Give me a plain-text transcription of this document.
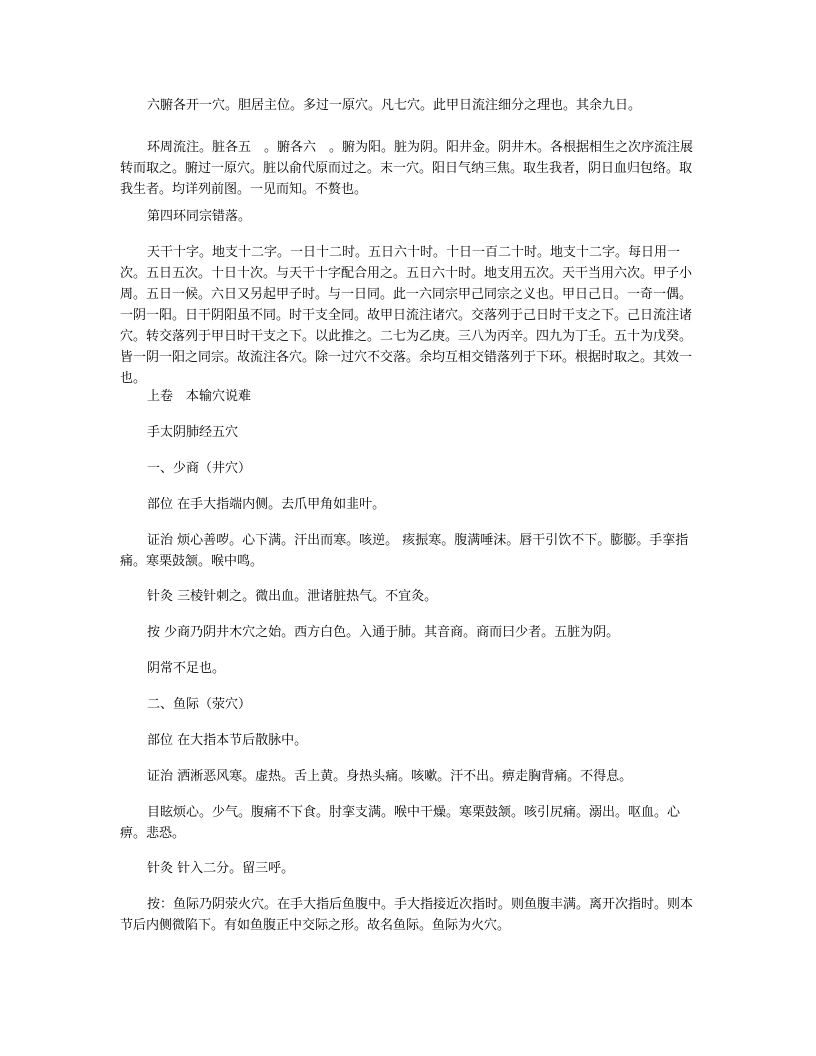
六腑各开一穴。胆居主位。多过一原穴。凡七穴。此甲日流注细分之理也。其余九日。

环周流注。脏各五　。腑各六　。腑为阳。脏为阴。阳井金。阴井木。各根据相生之次序流注展转而取之。腑过一原穴。脏以俞代原而过之。末一穴。阳日气纳三焦。取生我者，阴日血归包络。取我生者。均详列前图。一见而知。不赘也。

第四环同宗错落。

天干十字。地支十二字。一日十二时。五日六十时。十日一百二十时。地支十二字。每日用一次。五日五次。十日十次。与天干十字配合用之。五日六十时。地支用五次。天干当用六次。甲子小周。五日一候。六日又另起甲子时。与一日同。此一六同宗甲己同宗之义也。甲日己日。一奇一偶。一阴一阳。日干阴阳虽不同。时干支全同。故甲日流注诸穴。交落列于己日时干支之下。己日流注诸穴。转交落列于甲日时干支之下。以此推之。二七为乙庚。三八为丙辛。四九为丁壬。五十为戊癸。皆一阴一阳之同宗。故流注各穴。除一过穴不交落。余均互相交错落列于下环。根据时取之。其效一也。

上卷　本输穴说难

手太阴肺经五穴

一、少商（井穴）

部位 在手大指端内侧。去爪甲角如韭叶。

证治 烦心善哕。心下满。汗出而寒。咳逆。 痎振寒。腹满唾沫。唇干引饮不下。膨膨。手挛指痛。寒栗鼓颔。喉中鸣。

针灸 三棱针刺之。微出血。泄诸脏热气。不宜灸。

按 少商乃阴井木穴之始。西方白色。入通于肺。其音商。商而曰少者。五脏为阴。

阴常不足也。

二、鱼际（荥穴）

部位 在大指本节后散脉中。

证治 洒淅恶风寒。虚热。舌上黄。身热头痛。咳嗽。汗不出。痹走胸背痛。不得息。

目眩烦心。少气。腹痛不下食。肘挛支满。喉中干燥。寒栗鼓颔。咳引尻痛。溺出。呕血。心痹。悲恐。

针灸 针入二分。留三呼。

按：鱼际乃阴荥火穴。在手大指后鱼腹中。手大指接近次指时。则鱼腹丰满。离开次指时。则本节后内侧微陷下。有如鱼腹正中交际之形。故名鱼际。鱼际为火穴。
